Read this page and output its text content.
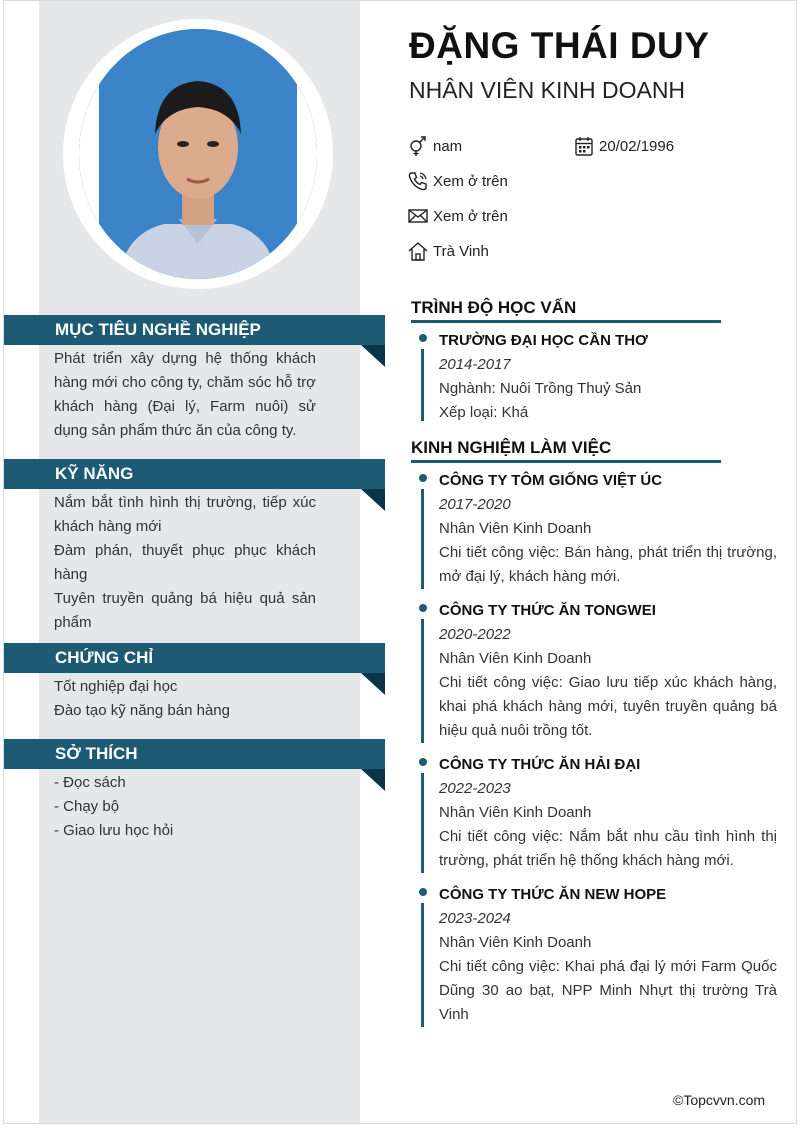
MỤC TIÊU NGHỀ NGHIỆP

Phát triển xây dựng hệ thống khách hàng mới cho công ty, chăm sóc hỗ trợ khách hàng (Đại lý, Farm nuôi) sử dụng sản phẩm thức ăn của công ty.

KỸ NĂNG

Nắm bắt tình hình thị trường, tiếp xúc khách hàng mới

Đàm phán, thuyết phục phục khách hàng

Tuyên truyền quảng bá hiệu quả sản phẩm

CHỨNG CHỈ

Tốt nghiệp đại học

Đào tạo kỹ năng bán hàng

SỞ THÍCH

- Đọc sách

- Chạy bộ

- Giao lưu học hỏi

ĐẶNG THÁI DUY
NHÂN VIÊN KINH DOANH
nam	20/02/1996
Xem ở trên
Xem ở trên
Trà Vinh
TRÌNH ĐỘ HỌC VẤN
TRƯỜNG ĐẠI HỌC CẦN THƠ
2014-2017
Nghành: Nuôi Trồng Thuỷ Sản
Xếp loại: Khá
KINH NGHIỆM LÀM VIỆC
CÔNG TY TÔM GIỐNG VIỆT ÚC
2017-2020
Nhân Viên Kinh Doanh
Chi tiết công việc: Bán hàng, phát triển thị trường, mở đại lý, khách hàng mới.
CÔNG TY THỨC ĂN TONGWEI
2020-2022
Nhân Viên Kinh Doanh
Chi tiết công việc: Giao lưu tiếp xúc khách hàng, khai phá khách hàng mới, tuyên truyền quảng bá hiệu quả nuôi trồng tốt.
CÔNG TY THỨC ĂN HẢI ĐẠI
2022-2023
Nhân Viên Kinh Doanh
Chi tiết công việc: Nắm bắt nhu cầu tình hình thị trường, phát triển hệ thống khách hàng mới.
CÔNG TY THỨC ĂN NEW HOPE
2023-2024
Nhân Viên Kinh Doanh
Chi tiết công việc: Khai phá đại lý mới Farm Quốc Dũng 30 ao bạt, NPP Minh Nhựt thị trường Trà Vinh
©Topcvvn.com
